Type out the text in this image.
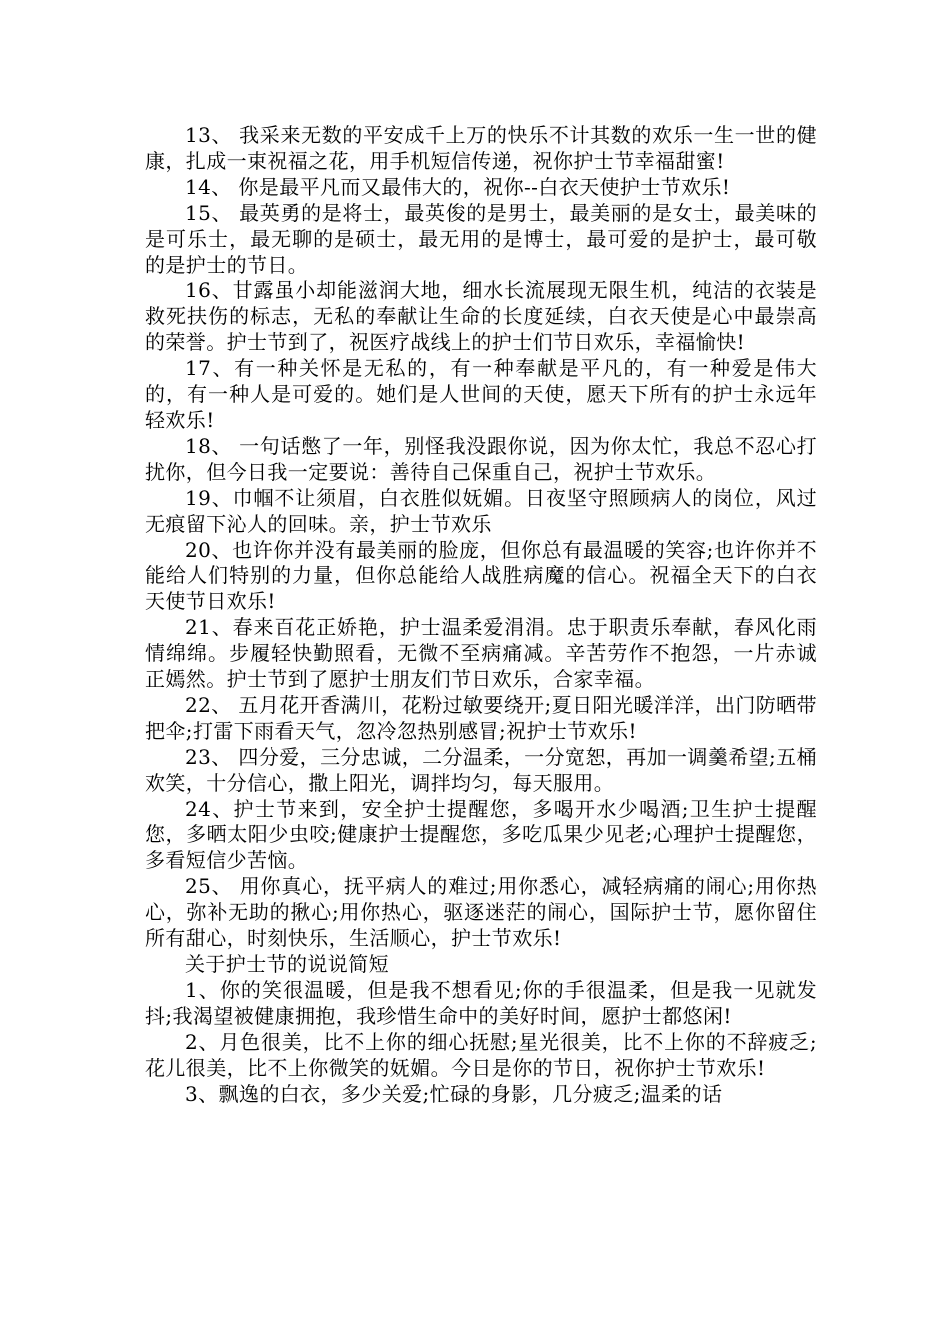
13、 我采来无数的平安成千上万的快乐不计其数的欢乐一生一世的健康，扎成一束祝福之花，用手机短信传递，祝你护士节幸福甜蜜!

14、 你是最平凡而又最伟大的，祝你--白衣天使护士节欢乐!

15、 最英勇的是将士，最英俊的是男士，最美丽的是女士，最美味的是可乐士，最无聊的是硕士，最无用的是博士，最可爱的是护士，最可敬的是护士的节日。

16、甘露虽小却能滋润大地，细水长流展现无限生机，纯洁的衣装是救死扶伤的标志，无私的奉献让生命的长度延续，白衣天使是心中最崇高的荣誉。护士节到了，祝医疗战线上的护士们节日欢乐，幸福愉快!

17、有一种关怀是无私的，有一种奉献是平凡的，有一种爱是伟大的，有一种人是可爱的。她们是人世间的天使，愿天下所有的护士永远年轻欢乐!

18、 一句话憋了一年，别怪我没跟你说，因为你太忙，我总不忍心打扰你，但今日我一定要说：善待自己保重自己，祝护士节欢乐。

19、巾帼不让须眉，白衣胜似妩媚。日夜坚守照顾病人的岗位，风过无痕留下沁人的回味。亲，护士节欢乐

20、也许你并没有最美丽的脸庞，但你总有最温暖的笑容;也许你并不能给人们特别的力量，但你总能给人战胜病魔的信心。祝福全天下的白衣天使节日欢乐!

21、春来百花正娇艳，护士温柔爱涓涓。忠于职责乐奉献，春风化雨情绵绵。步履轻快勤照看，无微不至病痛减。辛苦劳作不抱怨，一片赤诚正嫣然。护士节到了愿护士朋友们节日欢乐，合家幸福。

22、 五月花开香满川，花粉过敏要绕开;夏日阳光暖洋洋，出门防晒带把伞;打雷下雨看天气，忽冷忽热别感冒;祝护士节欢乐!

23、 四分爱，三分忠诚，二分温柔，一分宽恕，再加一调羹希望;五桶欢笑，十分信心，撒上阳光，调拌均匀，每天服用。

24、护士节来到，安全护士提醒您，多喝开水少喝酒;卫生护士提醒您，多晒太阳少虫咬;健康护士提醒您，多吃瓜果少见老;心理护士提醒您，多看短信少苦恼。

25、 用你真心，抚平病人的难过;用你悉心，减轻病痛的闹心;用你热心，弥补无助的揪心;用你热心，驱逐迷茫的闹心，国际护士节，愿你留住所有甜心，时刻快乐，生活顺心，护士节欢乐!

关于护士节的说说简短

1、你的笑很温暖，但是我不想看见;你的手很温柔，但是我一见就发抖;我渴望被健康拥抱，我珍惜生命中的美好时间，愿护士都悠闲!

2、月色很美，比不上你的细心抚慰;星光很美，比不上你的不辞疲乏;花儿很美，比不上你微笑的妩媚。今日是你的节日，祝你护士节欢乐!

3、飘逸的白衣，多少关爱;忙碌的身影，几分疲乏;温柔的话
